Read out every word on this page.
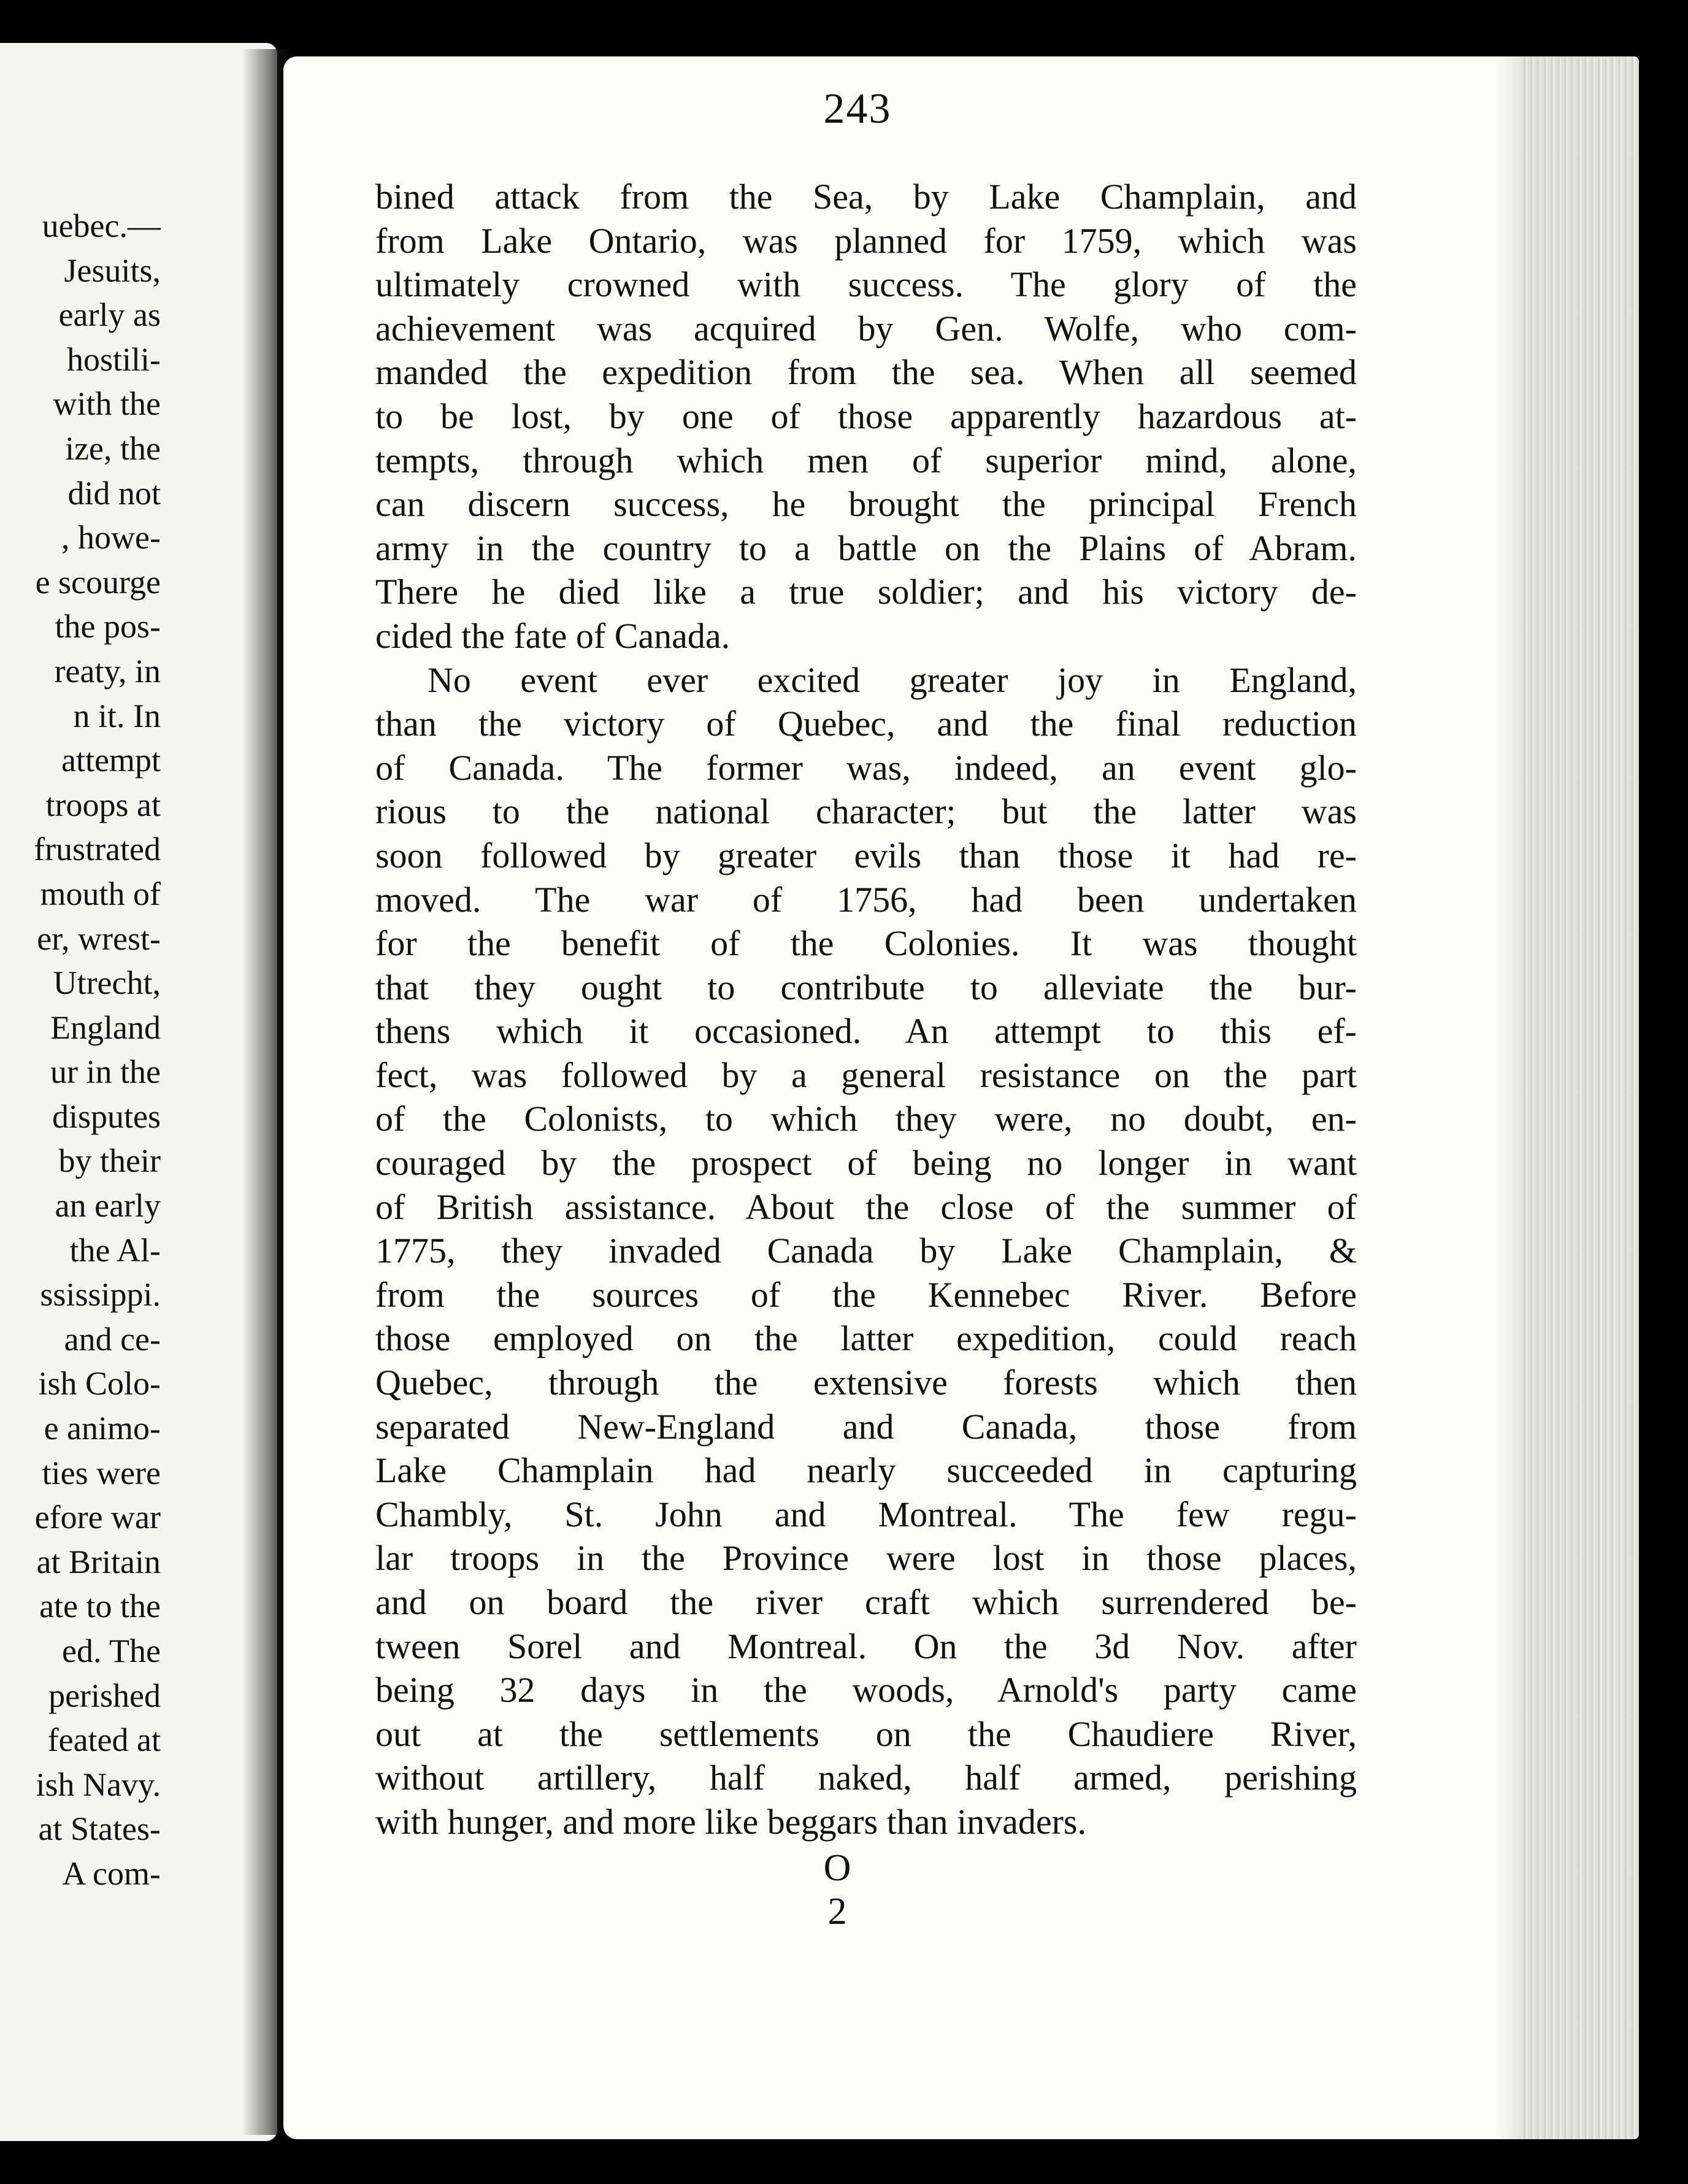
uebec.—
Jesuits,
early as
hostili-
with the
ize, the
did not
, howe-
e scourge
the pos-
reaty, in
n it. In
attempt
troops at
frustrated
mouth of
er, wrest-
Utrecht,
England
ur in the
disputes
by their
an early
the Al-
ssissippi.
and ce-
ish Colo-
e animo-
ties were
efore war
at Britain
ate to the
ed. The
perished
feated at
ish Navy.
at States-
A com-
243
bined attack from the Sea, by Lake Champlain, and
from Lake Ontario, was planned for 1759, which was
ultimately crowned with success. The glory of the
achievement was acquired by Gen. Wolfe, who com-
manded the expedition from the sea. When all seemed
to be lost, by one of those apparently hazardous at-
tempts, through which men of superior mind, alone,
can discern success, he brought the principal French
army in the country to a battle on the Plains of Abram.
There he died like a true soldier; and his victory de-
cided the fate of Canada.
No event ever excited greater joy in England,
than the victory of Quebec, and the final reduction
of Canada. The former was, indeed, an event glo-
rious to the national character; but the latter was
soon followed by greater evils than those it had re-
moved. The war of 1756, had been undertaken
for the benefit of the Colonies. It was thought
that they ought to contribute to alleviate the bur-
thens which it occasioned. An attempt to this ef-
fect, was followed by a general resistance on the part
of the Colonists, to which they were, no doubt, en-
couraged by the prospect of being no longer in want
of British assistance. About the close of the summer of
1775, they invaded Canada by Lake Champlain, &
from the sources of the Kennebec River. Before
those employed on the latter expedition, could reach
Quebec, through the extensive forests which then
separated New-England and Canada, those from
Lake Champlain had nearly succeeded in capturing
Chambly, St. John and Montreal. The few regu-
lar troops in the Province were lost in those places,
and on board the river craft which surrendered be-
tween Sorel and Montreal. On the 3d Nov. after
being 32 days in the woods, Arnold's party came
out at the settlements on the Chaudiere River,
without artillery, half naked, half armed, perishing
with hunger, and more like beggars than invaders.
O 2
